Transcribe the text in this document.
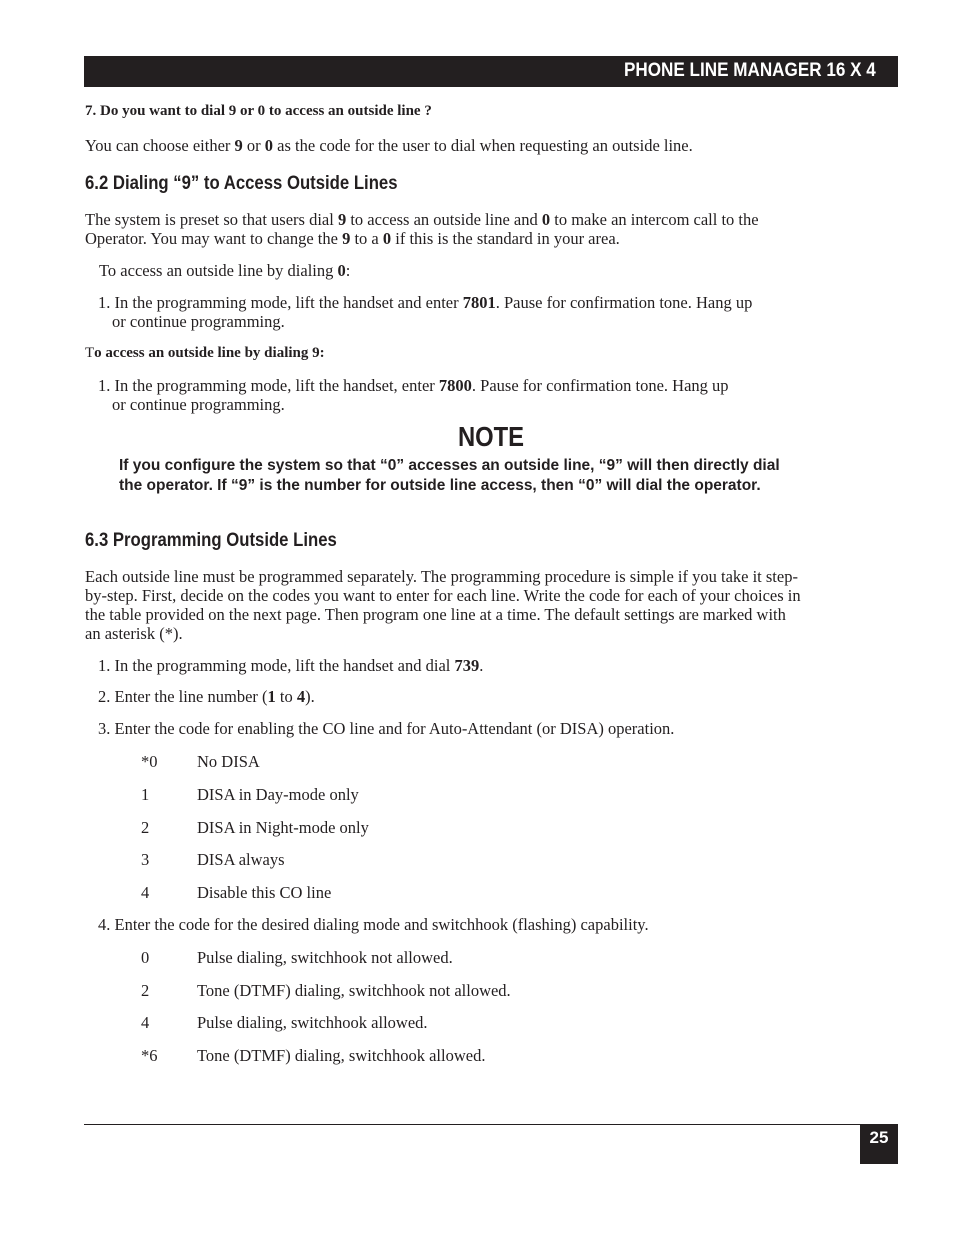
PHONE LINE MANAGER 16 X 4
7. Do you want to dial 9 or 0 to access an outside line ?

You can choose either 9 or 0 as the code for the user to dial when requesting an outside line.

6.2 Dialing “9” to Access Outside Lines

The system is preset so that users dial 9 to access an outside line and 0 to make an intercom call to the

Operator. You may want to change the 9 to a 0 if this is the standard in your area.

To access an outside line by dialing 0:

1. In the programming mode, lift the handset and enter 7801. Pause for confirmation tone. Hang up

or continue programming.

To access an outside line by dialing 9:

1. In the programming mode, lift the handset, enter 7800. Pause for confirmation tone. Hang up

or continue programming.

NOTE
If you configure the system so that “0” accesses an outside line, “9” will then directly dial
the operator. If “9” is the number for outside line access, then “0” will dial the operator.
6.3 Programming Outside Lines

Each outside line must be programmed separately. The programming procedure is simple if you take it step-

by-step. First, decide on the codes you want to enter for each line. Write the code for each of your choices in

the table provided on the next page. Then program one line at a time. The default settings are marked with

an asterisk (*).

1. In the programming mode, lift the handset and dial 739.

2. Enter the line number (1 to 4).

3. Enter the code for enabling the CO line and for Auto-Attendant (or DISA) operation.

*0 No DISA

1	DISA in Day-mode only

2	DISA in Night-mode only

3	DISA always

4	Disable this CO line

4. Enter the code for the desired dialing mode and switchhook (flashing) capability.

0	Pulse dialing, switchhook not allowed.

2	Tone (DTMF) dialing, switchhook not allowed.

4	Pulse dialing, switchhook allowed.

*6 Tone (DTMF) dialing, switchhook allowed.

25
